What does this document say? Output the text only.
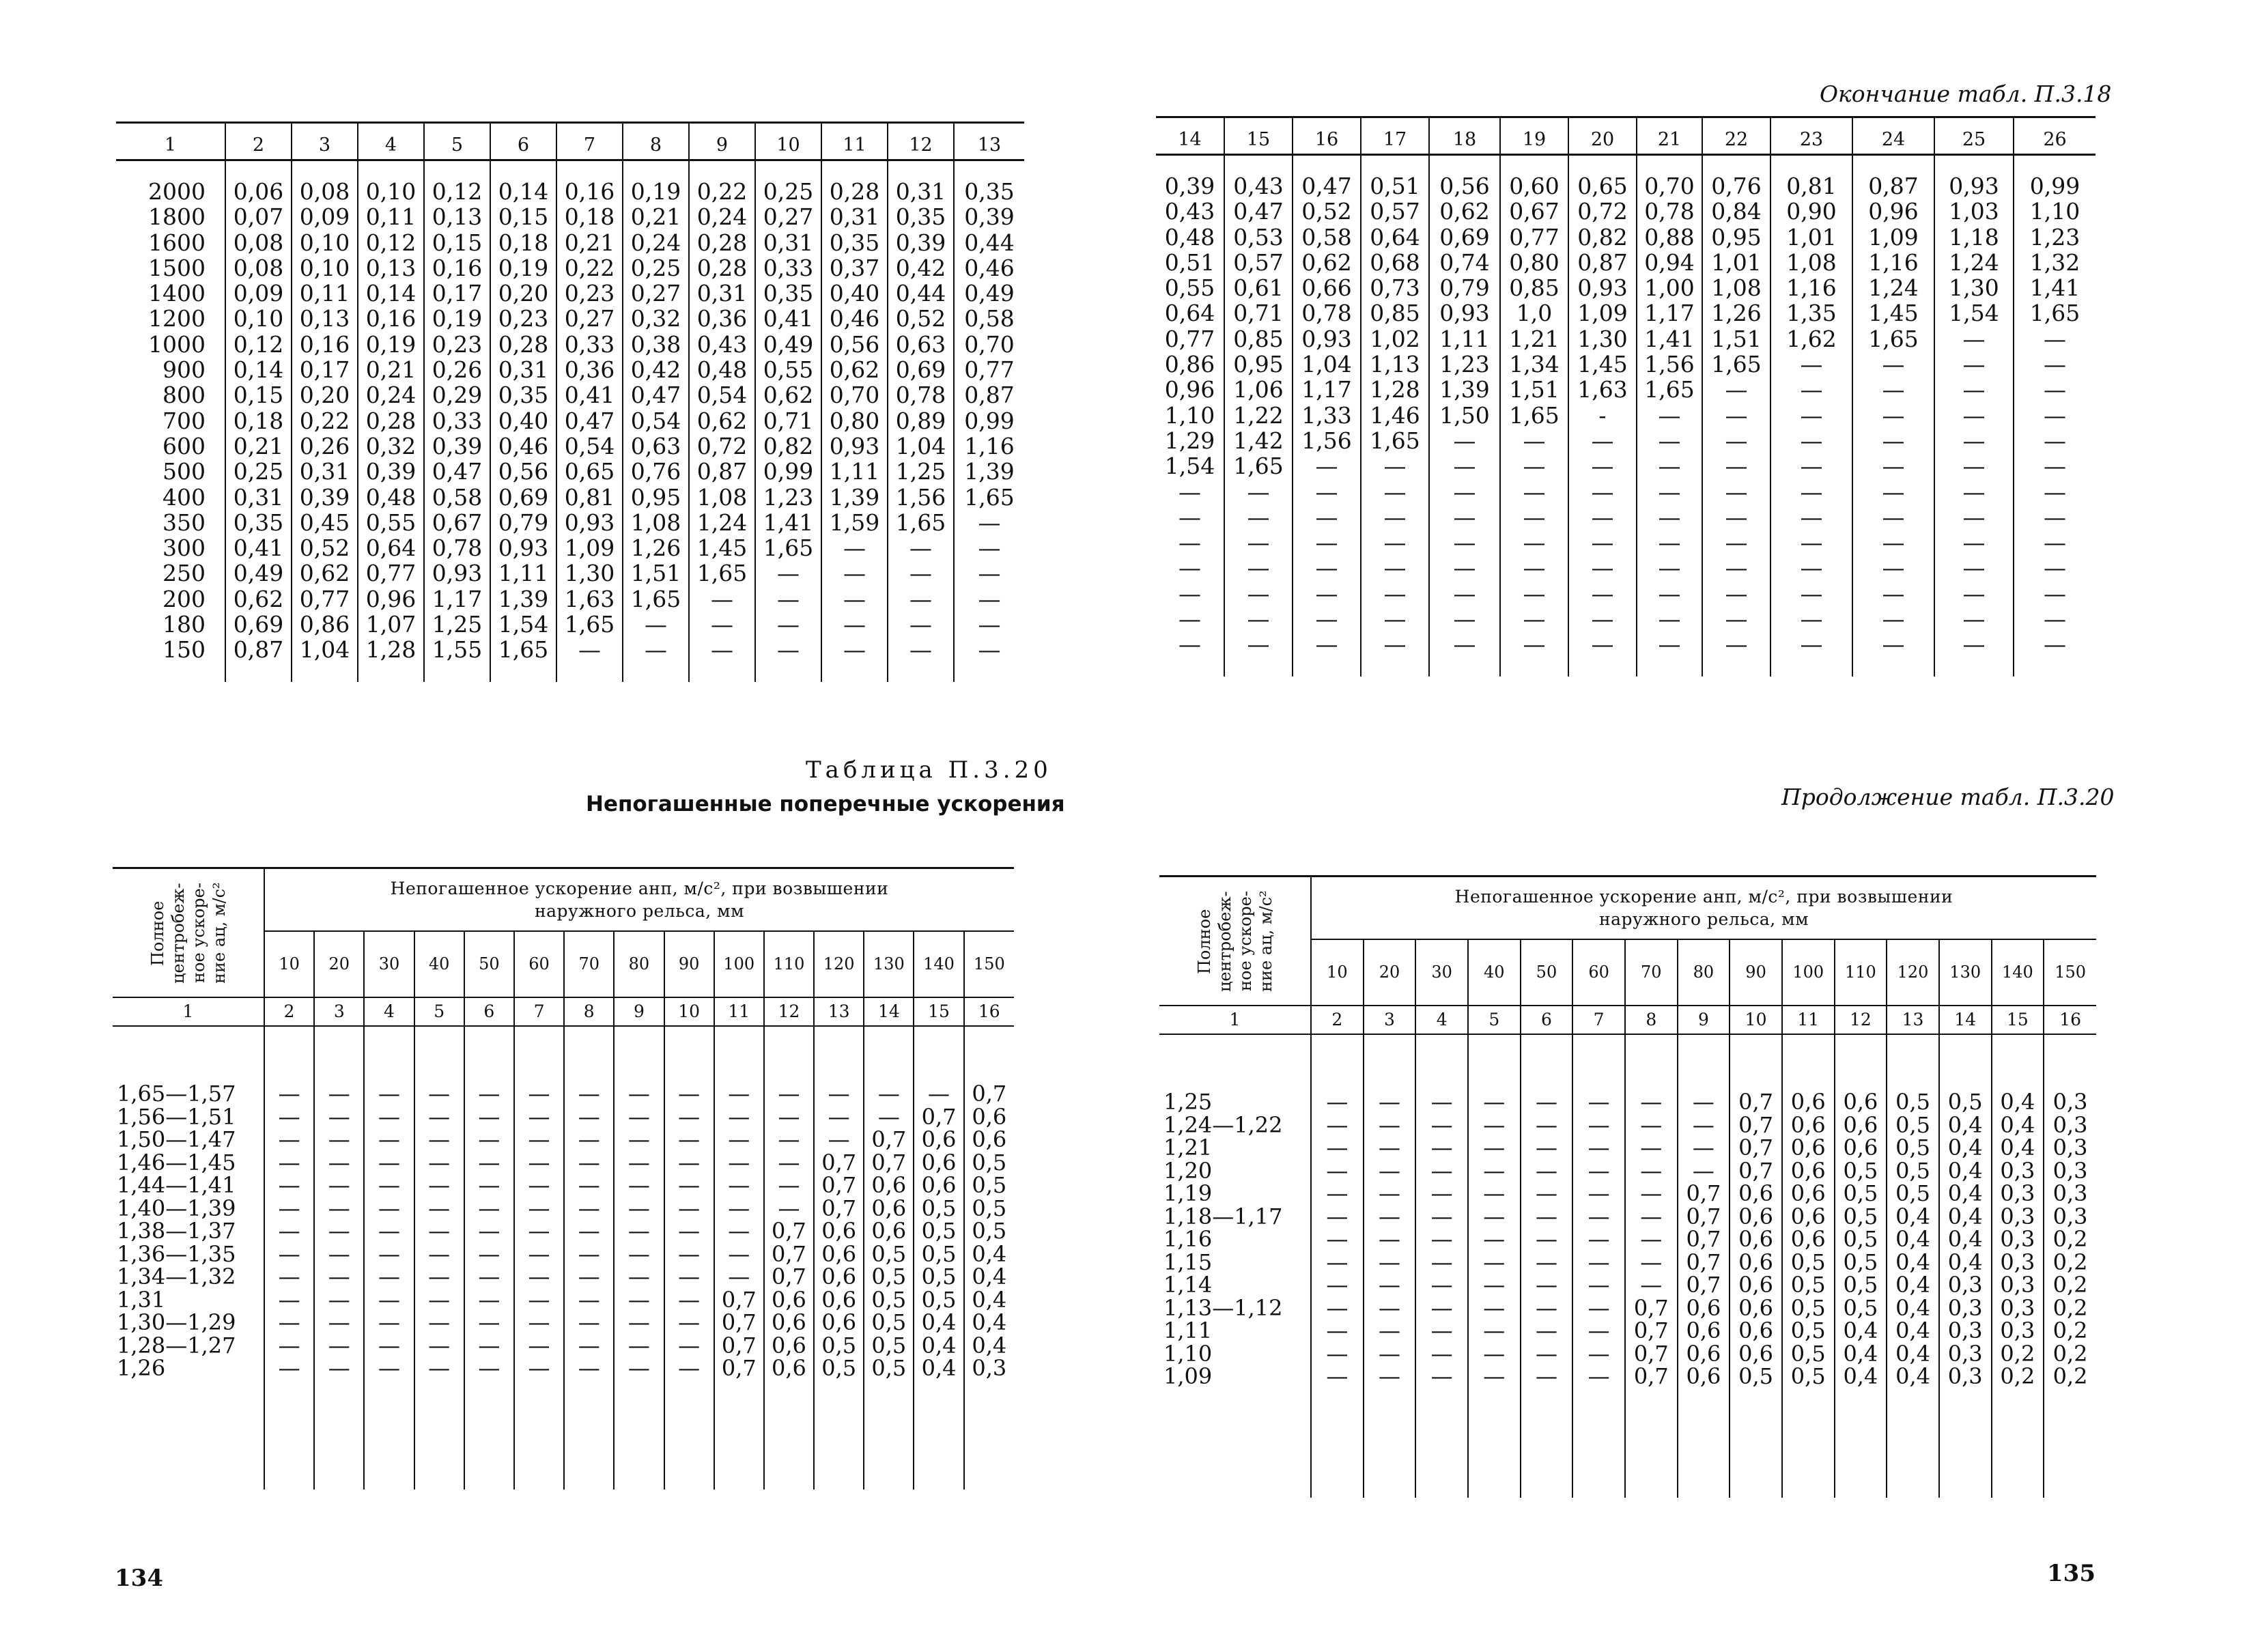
1	2	3	4	5	6	7	8	9	10	11	12	13

2000	0,06	0,08	0,10	0,12	0,14	0,16	0,19	0,22	0,25	0,28	0,31	0,35
1800	0,07	0,09	0,11	0,13	0,15	0,18	0,21	0,24	0,27	0,31	0,35	0,39
1600	0,08	0,10	0,12	0,15	0,18	0,21	0,24	0,28	0,31	0,35	0,39	0,44
1500	0,08	0,10	0,13	0,16	0,19	0,22	0,25	0,28	0,33	0,37	0,42	0,46
1400	0,09	0,11	0,14	0,17	0,20	0,23	0,27	0,31	0,35	0,40	0,44	0,49
1200	0,10	0,13	0,16	0,19	0,23	0,27	0,32	0,36	0,41	0,46	0,52	0,58
1000	0,12	0,16	0,19	0,23	0,28	0,33	0,38	0,43	0,49	0,56	0,63	0,70
900	0,14	0,17	0,21	0,26	0,31	0,36	0,42	0,48	0,55	0,62	0,69	0,77
800	0,15	0,20	0,24	0,29	0,35	0,41	0,47	0,54	0,62	0,70	0,78	0,87
700	0,18	0,22	0,28	0,33	0,40	0,47	0,54	0,62	0,71	0,80	0,89	0,99
600	0,21	0,26	0,32	0,39	0,46	0,54	0,63	0,72	0,82	0,93	1,04	1,16
500	0,25	0,31	0,39	0,47	0,56	0,65	0,76	0,87	0,99	1,11	1,25	1,39
400	0,31	0,39	0,48	0,58	0,69	0,81	0,95	1,08	1,23	1,39	1,56	1,65
350	0,35	0,45	0,55	0,67	0,79	0,93	1,08	1,24	1,41	1,59	1,65	—
300	0,41	0,52	0,64	0,78	0,93	1,09	1,26	1,45	1,65	—	—	—
250	0,49	0,62	0,77	0,93	1,11	1,30	1,51	1,65	—	—	—	—
200	0,62	0,77	0,96	1,17	1,39	1,63	1,65	—	—	—	—	—
180	0,69	0,86	1,07	1,25	1,54	1,65	—	—	—	—	—	—
150	0,87	1,04	1,28	1,55	1,65	—	—	—	—	—	—	—

Таблица П.3.20
Непогашенные поперечные ускорения
Полное центробеж-ное ускоре-ние aц, м/с²	Непогашенное ускорение aнп, м/с², при возвышении
наружного рельса, мм														

	10	20	30	40	50	60	70	80	90	100	110	120	130	140	150
1	2	3	4	5	6	7	8	9	10	11	12	13	14	15	16

1,65—1,57	—	—	—	—	—	—	—	—	—	—	—	—	—	—	0,7
1,56—1,51	—	—	—	—	—	—	—	—	—	—	—	—	—	0,7	0,6
1,50—1,47	—	—	—	—	—	—	—	—	—	—	—	—	0,7	0,6	0,6
1,46—1,45	—	—	—	—	—	—	—	—	—	—	—	0,7	0,7	0,6	0,5
1,44—1,41	—	—	—	—	—	—	—	—	—	—	—	0,7	0,6	0,6	0,5
1,40—1,39	—	—	—	—	—	—	—	—	—	—	—	0,7	0,6	0,5	0,5
1,38—1,37	—	—	—	—	—	—	—	—	—	—	0,7	0,6	0,6	0,5	0,5
1,36—1,35	—	—	—	—	—	—	—	—	—	—	0,7	0,6	0,5	0,5	0,4
1,34—1,32	—	—	—	—	—	—	—	—	—	—	0,7	0,6	0,5	0,5	0,4
1,31	—	—	—	—	—	—	—	—	—	0,7	0,6	0,6	0,5	0,5	0,4
1,30—1,29	—	—	—	—	—	—	—	—	—	0,7	0,6	0,6	0,5	0,4	0,4
1,28—1,27	—	—	—	—	—	—	—	—	—	0,7	0,6	0,5	0,5	0,4	0,4
1,26	—	—	—	—	—	—	—	—	—	0,7	0,6	0,5	0,5	0,4	0,3

134
Окончание табл. П.3.18
14	15	16	17	18	19	20	21	22	23	24	25	26

0,39	0,43	0,47	0,51	0,56	0,60	0,65	0,70	0,76	0,81	0,87	0,93	0,99
0,43	0,47	0,52	0,57	0,62	0,67	0,72	0,78	0,84	0,90	0,96	1,03	1,10
0,48	0,53	0,58	0,64	0,69	0,77	0,82	0,88	0,95	1,01	1,09	1,18	1,23
0,51	0,57	0,62	0,68	0,74	0,80	0,87	0,94	1,01	1,08	1,16	1,24	1,32
0,55	0,61	0,66	0,73	0,79	0,85	0,93	1,00	1,08	1,16	1,24	1,30	1,41
0,64	0,71	0,78	0,85	0,93	1,0	1,09	1,17	1,26	1,35	1,45	1,54	1,65
0,77	0,85	0,93	1,02	1,11	1,21	1,30	1,41	1,51	1,62	1,65	—	—
0,86	0,95	1,04	1,13	1,23	1,34	1,45	1,56	1,65	—	—	—	—
0,96	1,06	1,17	1,28	1,39	1,51	1,63	1,65	—	—	—	—	—
1,10	1,22	1,33	1,46	1,50	1,65	-	—	—	—	—	—	—
1,29	1,42	1,56	1,65	—	—	—	—	—	—	—	—	—
1,54	1,65	—	—	—	—	—	—	—	—	—	—	—
—	—	—	—	—	—	—	—	—	—	—	—	—
—	—	—	—	—	—	—	—	—	—	—	—	—
—	—	—	—	—	—	—	—	—	—	—	—	—
—	—	—	—	—	—	—	—	—	—	—	—	—
—	—	—	—	—	—	—	—	—	—	—	—	—
—	—	—	—	—	—	—	—	—	—	—	—	—
—	—	—	—	—	—	—	—	—	—	—	—	—

Продолжение табл. П.3.20
Полное центробеж-ное ускоре-ние aц, м/с²	Непогашенное ускорение aнп, м/с², при возвышении
наружного рельса, мм														

	10	20	30	40	50	60	70	80	90	100	110	120	130	140	150
1	2	3	4	5	6	7	8	9	10	11	12	13	14	15	16

1,25	—	—	—	—	—	—	—	—	0,7	0,6	0,6	0,5	0,5	0,4	0,3
1,24—1,22	—	—	—	—	—	—	—	—	0,7	0,6	0,6	0,5	0,4	0,4	0,3
1,21	—	—	—	—	—	—	—	—	0,7	0,6	0,6	0,5	0,4	0,4	0,3
1,20	—	—	—	—	—	—	—	—	0,7	0,6	0,5	0,5	0,4	0,3	0,3
1,19	—	—	—	—	—	—	—	0,7	0,6	0,6	0,5	0,5	0,4	0,3	0,3
1,18—1,17	—	—	—	—	—	—	—	0,7	0,6	0,6	0,5	0,4	0,4	0,3	0,3
1,16	—	—	—	—	—	—	—	0,7	0,6	0,6	0,5	0,4	0,4	0,3	0,2
1,15	—	—	—	—	—	—	—	0,7	0,6	0,5	0,5	0,4	0,4	0,3	0,2
1,14	—	—	—	—	—	—	—	0,7	0,6	0,5	0,5	0,4	0,3	0,3	0,2
1,13—1,12	—	—	—	—	—	—	0,7	0,6	0,6	0,5	0,5	0,4	0,3	0,3	0,2
1,11	—	—	—	—	—	—	0,7	0,6	0,6	0,5	0,4	0,4	0,3	0,3	0,2
1,10	—	—	—	—	—	—	0,7	0,6	0,6	0,5	0,4	0,4	0,3	0,2	0,2
1,09	—	—	—	—	—	—	0,7	0,6	0,5	0,5	0,4	0,4	0,3	0,2	0,2

135
